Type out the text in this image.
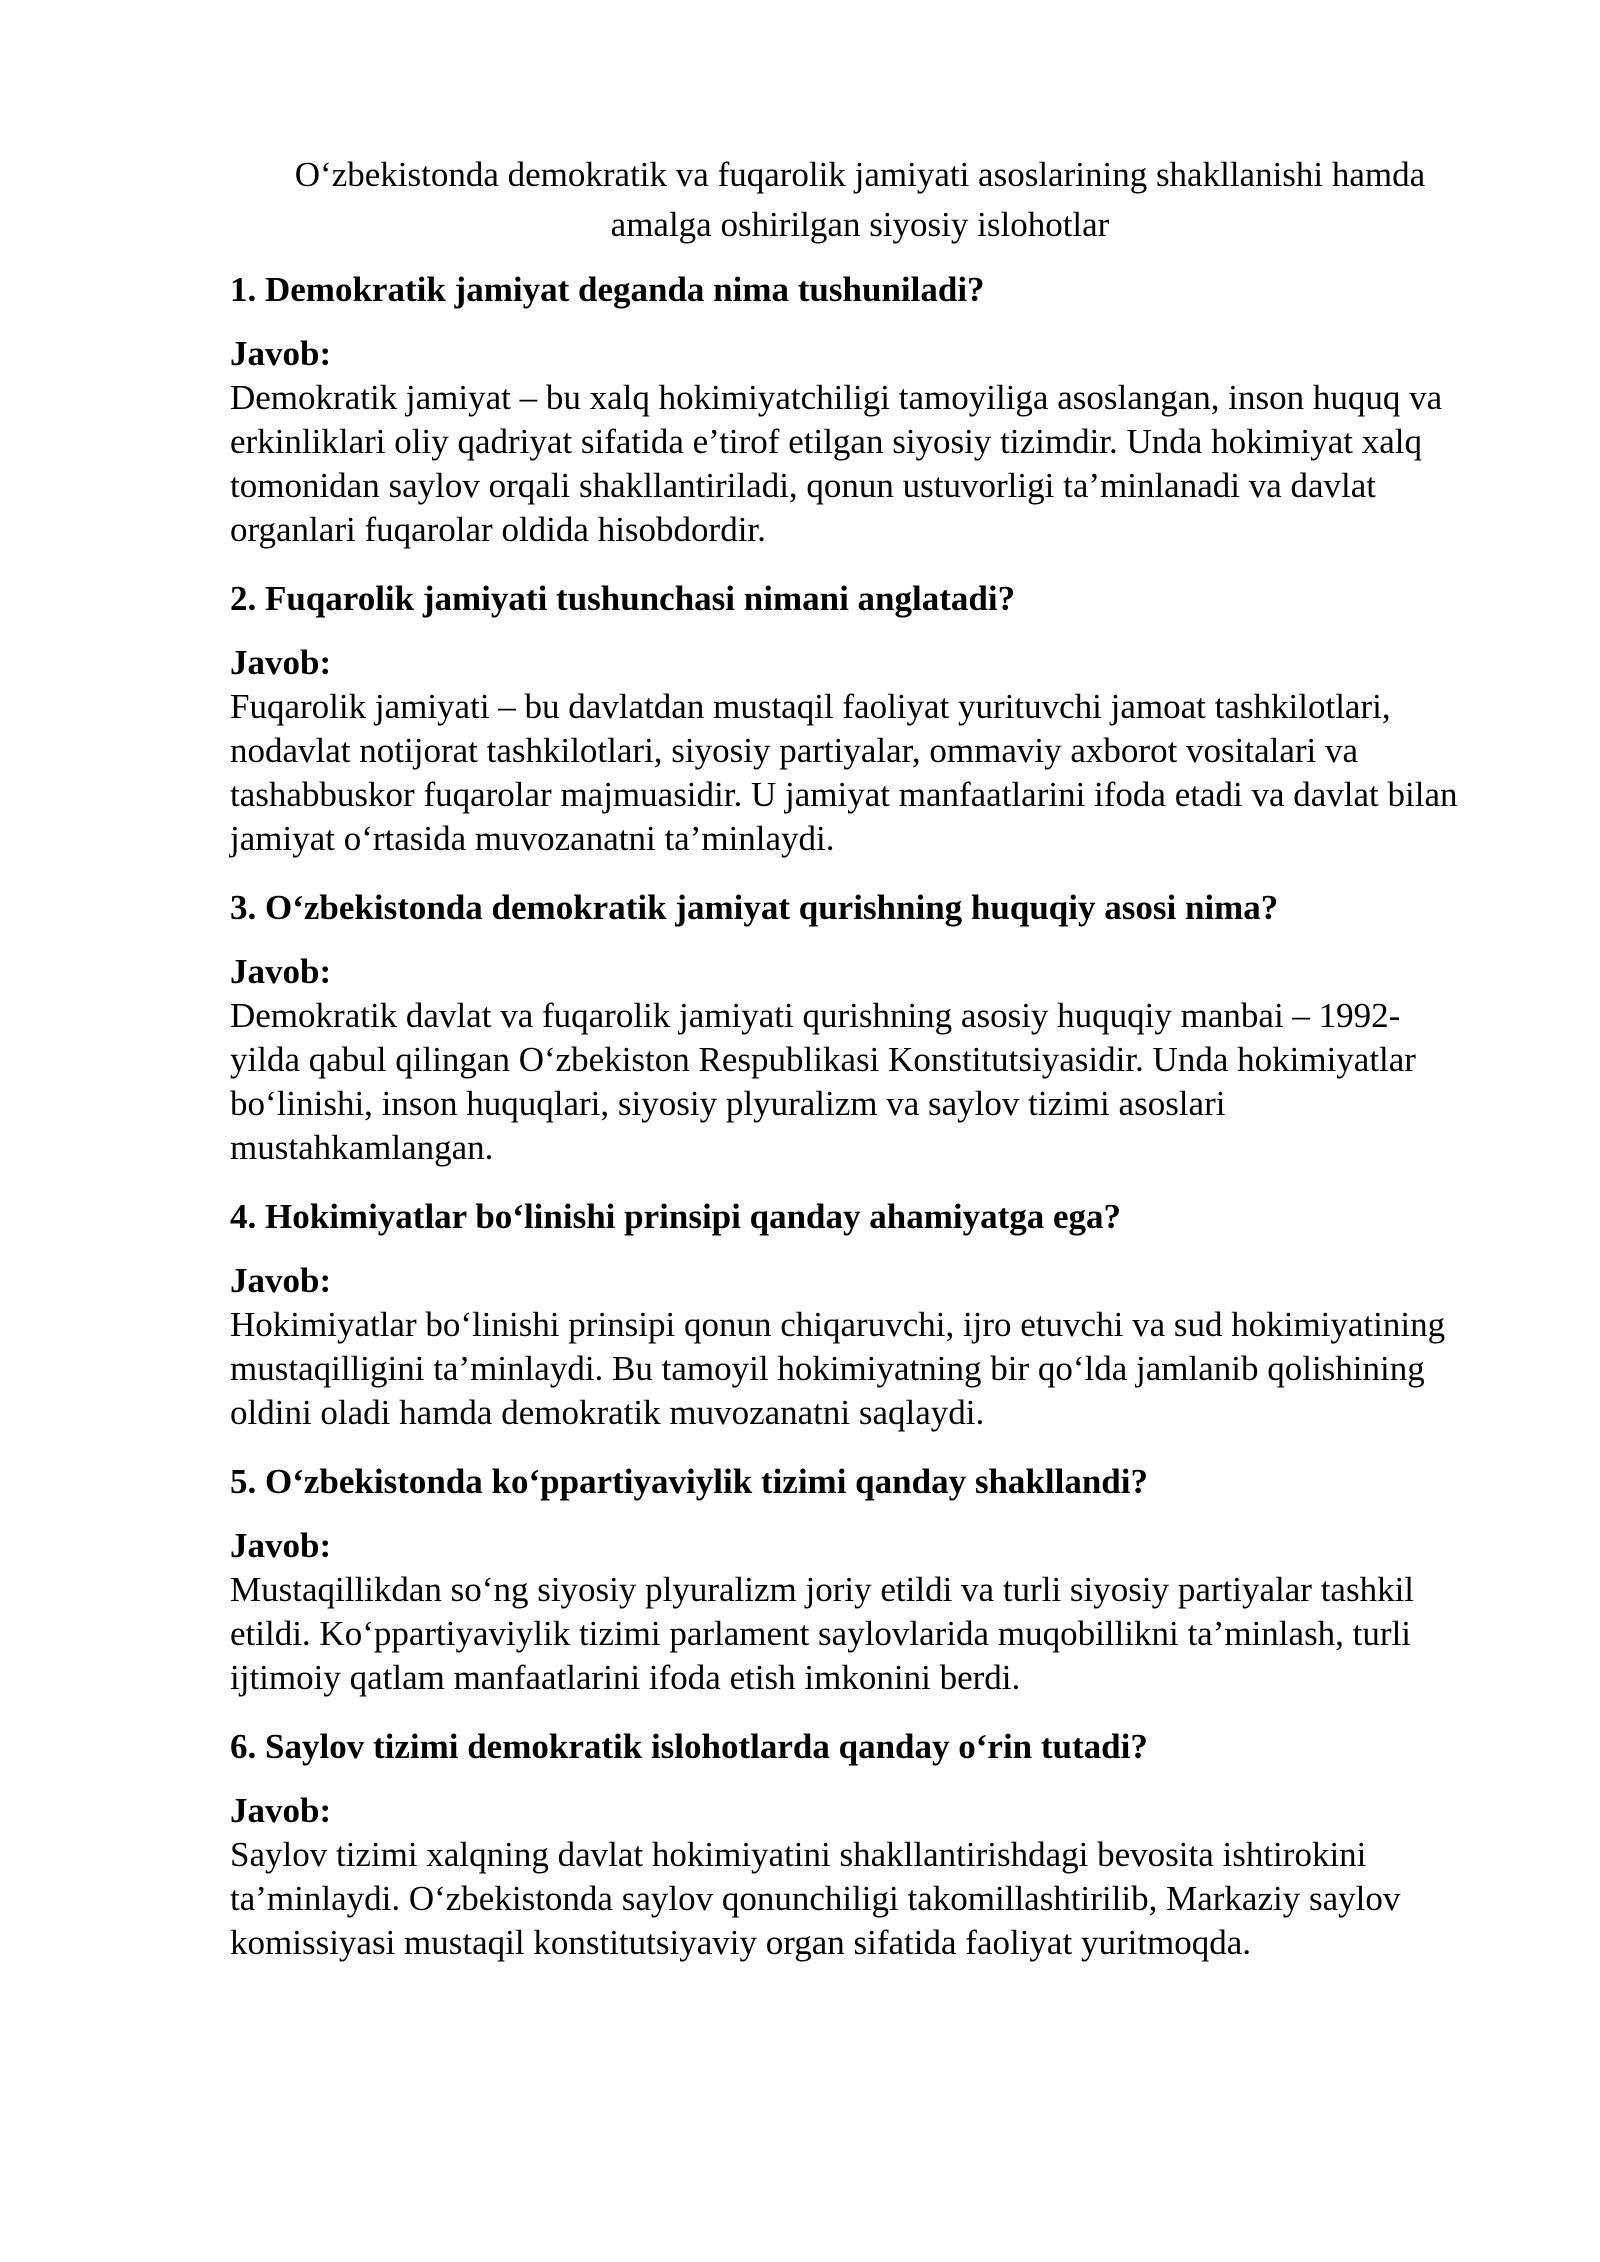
O‘zbekistonda demokratik va fuqarolik jamiyati asoslarining shakllanishi hamda amalga oshirilgan siyosiy islohotlar

1. Demokratik jamiyat deganda nima tushuniladi?

Javob:

Demokratik jamiyat – bu xalq hokimiyatchiligi tamoyiliga asoslangan, inson huquq va erkinliklari oliy qadriyat sifatida e’tirof etilgan siyosiy tizimdir. Unda hokimiyat xalq tomonidan saylov orqali shakllantiriladi, qonun ustuvorligi ta’minlanadi va davlat organlari fuqarolar oldida hisobdordir.

2. Fuqarolik jamiyati tushunchasi nimani anglatadi?

Javob:

Fuqarolik jamiyati – bu davlatdan mustaqil faoliyat yurituvchi jamoat tashkilotlari, nodavlat notijorat tashkilotlari, siyosiy partiyalar, ommaviy axborot vositalari va tashabbuskor fuqarolar majmuasidir. U jamiyat manfaatlarini ifoda etadi va davlat bilan jamiyat o‘rtasida muvozanatni ta’minlaydi.

3. O‘zbekistonda demokratik jamiyat qurishning huquqiy asosi nima?

Javob:

Demokratik davlat va fuqarolik jamiyati qurishning asosiy huquqiy manbai – 1992-yilda qabul qilingan O‘zbekiston Respublikasi Konstitutsiyasidir. Unda hokimiyatlar bo‘linishi, inson huquqlari, siyosiy plyuralizm va saylov tizimi asoslari mustahkamlangan.

4. Hokimiyatlar bo‘linishi prinsipi qanday ahamiyatga ega?

Javob:

Hokimiyatlar bo‘linishi prinsipi qonun chiqaruvchi, ijro etuvchi va sud hokimiyatining mustaqilligini ta’minlaydi. Bu tamoyil hokimiyatning bir qo‘lda jamlanib qolishining oldini oladi hamda demokratik muvozanatni saqlaydi.

5. O‘zbekistonda ko‘ppartiyaviylik tizimi qanday shakllandi?

Javob:

Mustaqillikdan so‘ng siyosiy plyuralizm joriy etildi va turli siyosiy partiyalar tashkil etildi. Ko‘ppartiyaviylik tizimi parlament saylovlarida muqobillikni ta’minlash, turli ijtimoiy qatlam manfaatlarini ifoda etish imkonini berdi.

6. Saylov tizimi demokratik islohotlarda qanday o‘rin tutadi?

Javob:

Saylov tizimi xalqning davlat hokimiyatini shakllantirishdagi bevosita ishtirokini ta’minlaydi. O‘zbekistonda saylov qonunchiligi takomillashtirilib, Markaziy saylov komissiyasi mustaqil konstitutsiyaviy organ sifatida faoliyat yuritmoqda.
